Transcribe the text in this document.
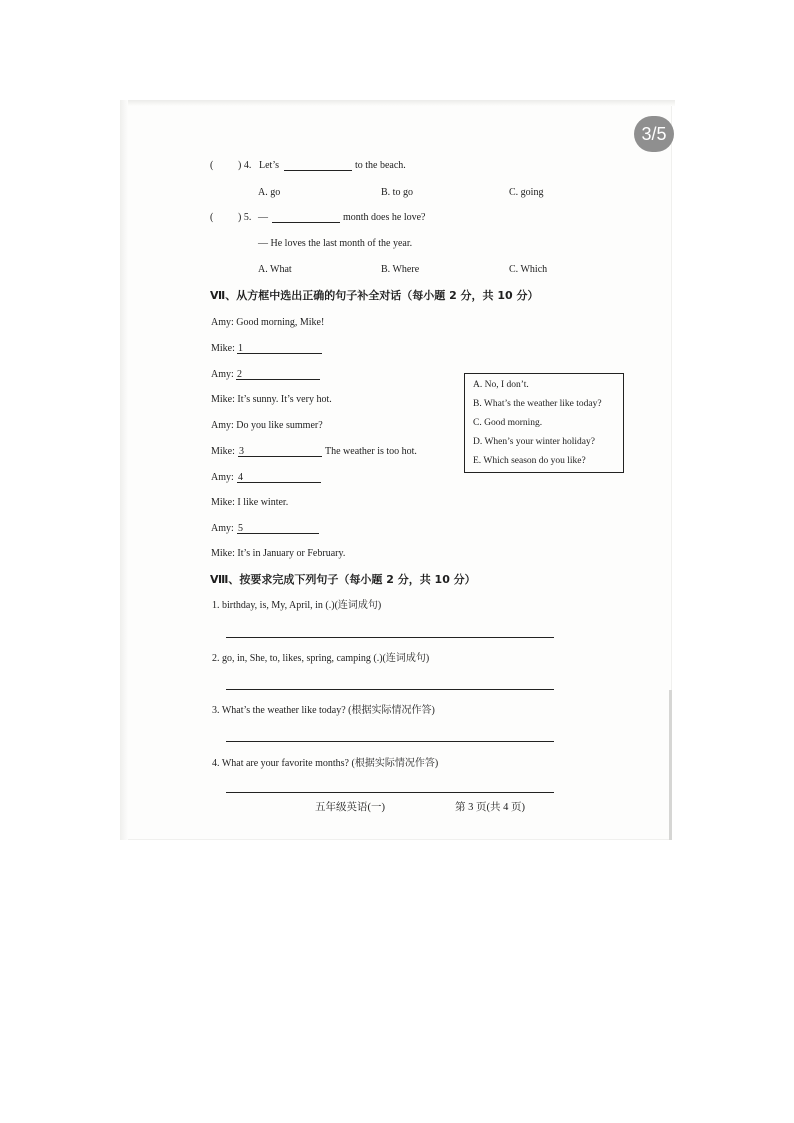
3/5
( ) 4. Let’s	to the beach.
A. go	B. to go	C. going
( ) 5. —	month does he love?
— He loves the last month of the year.
A. What	B. Where	C. Which
Ⅶ、从方框中选出正确的句子补全对话（每小题 2 分，共 10 分）
Amy: Good morning, Mike!
Mike: 1
Amy: 2
Mike: It’s sunny. It’s very hot.
Amy: Do you like summer?
Mike: 3	The weather is too hot.
Amy: 4
Mike: I like winter.
Amy: 5
Mike: It’s in January or February.
A. No, I don’t.
B. What’s the weather like today?
C. Good morning.
D. When’s your winter holiday?
E. Which season do you like?
Ⅷ、按要求完成下列句子（每小题 2 分，共 10 分）
1. birthday, is, My, April, in (.)(连词成句)
2. go, in, She, to, likes, spring, camping (.)(连词成句)
3. What’s the weather like today? (根据实际情况作答)
4. What are your favorite months? (根据实际情况作答)
五年级英语(一)	第 3 页(共 4 页)
